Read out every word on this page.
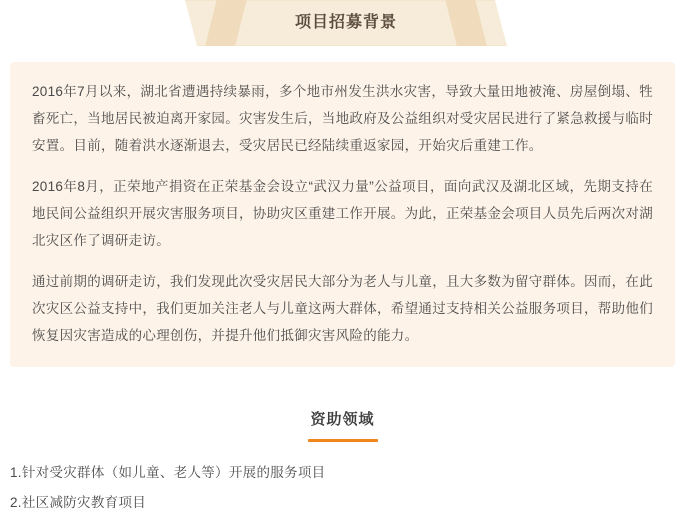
项目招募背景

2016年7月以来，湖北省遭遇持续暴雨，多个地市州发生洪水灾害，导致大量田地被淹、房屋倒塌、牲畜死亡，当地居民被迫离开家园。灾害发生后，当地政府及公益组织对受灾居民进行了紧急救援与临时安置。目前，随着洪水逐渐退去，受灾居民已经陆续重返家园，开始灾后重建工作。

2016年8月，正荣地产捐资在正荣基金会设立“武汉力量”公益项目，面向武汉及湖北区域，先期支持在地民间公益组织开展灾害服务项目，协助灾区重建工作开展。为此，正荣基金会项目人员先后两次对湖北灾区作了调研走访。

通过前期的调研走访，我们发现此次受灾居民大部分为老人与儿童，且大多数为留守群体。因而，在此次灾区公益支持中，我们更加关注老人与儿童这两大群体，希望通过支持相关公益服务项目，帮助他们恢复因灾害造成的心理创伤，并提升他们抵御灾害风险的能力。

资助领域
1.针对受灾群体（如儿童、老人等）开展的服务项目
2.社区减防灾教育项目
